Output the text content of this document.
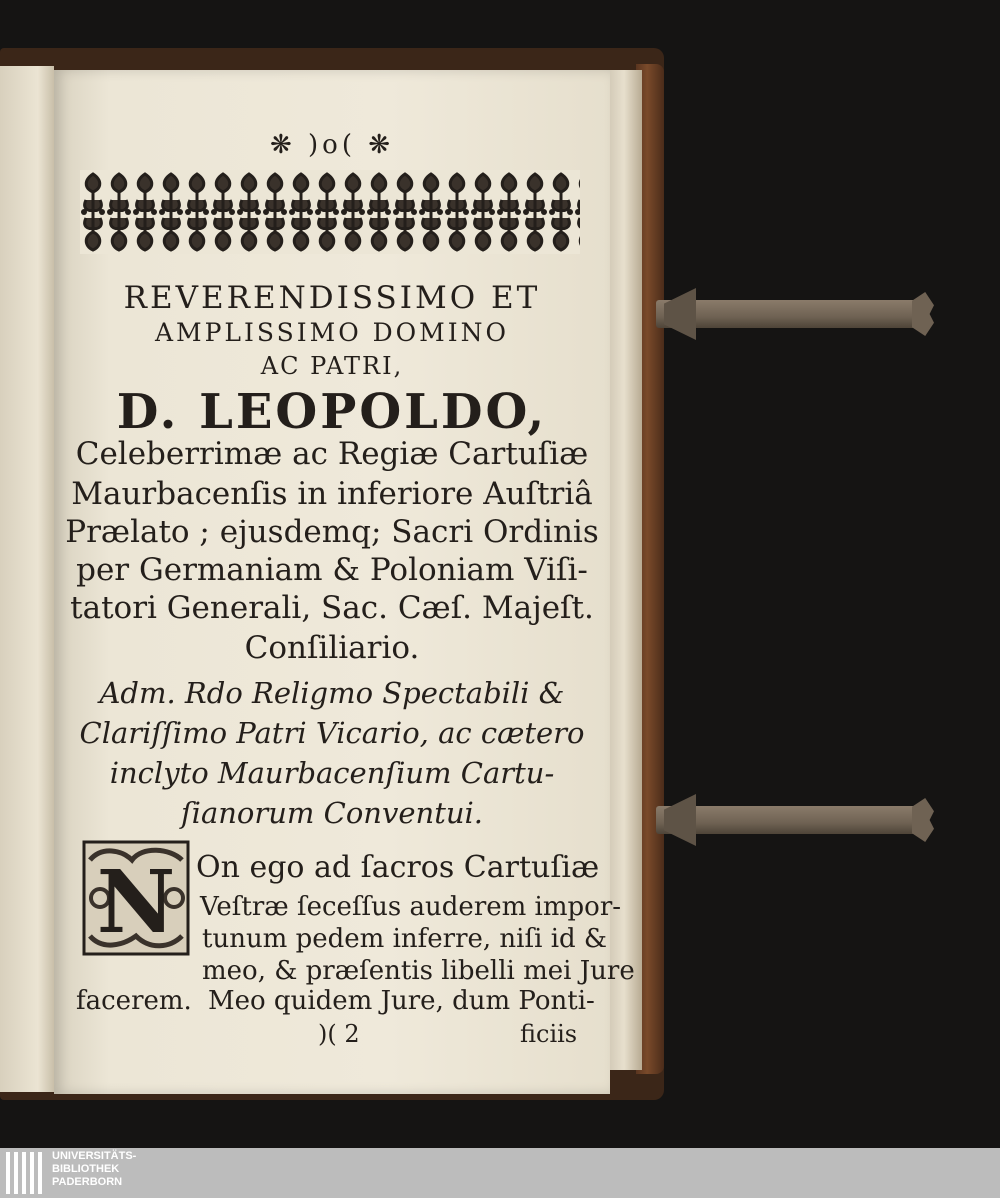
❋ )o( ❋
REVERENDISSIMO ET
AMPLISSIMO DOMINO
AC PATRI,
D. LEOPOLDO,
Celeberrimæ ac Regiæ Cartuſiæ
Maurbacenſis in inferiore Auſtriâ
Prælato ; ejusdemq; Sacri Ordinis
per Germaniam & Poloniam Viſi-
tatori Generali, Sac. Cæſ. Majeſt.
Conſiliario.
Adm. Rdo Religmo Spectabili &
Clariſſimo Patri Vicario, ac cætero
inclyto Maurbacenſium Cartu-
ſianorum Conventui.
N On ego ad ſacros Cartuſiæ
Veſtræ ſeceſſus auderem impor-
tunum pedem inferre, niſi id &
meo, & præſentis libelli mei Jure
facerem. Meo quidem Jure, dum Ponti-
)( 2	ficiis
UNIVERSITÄTS-
BIBLIOTHEK
PADERBORN
